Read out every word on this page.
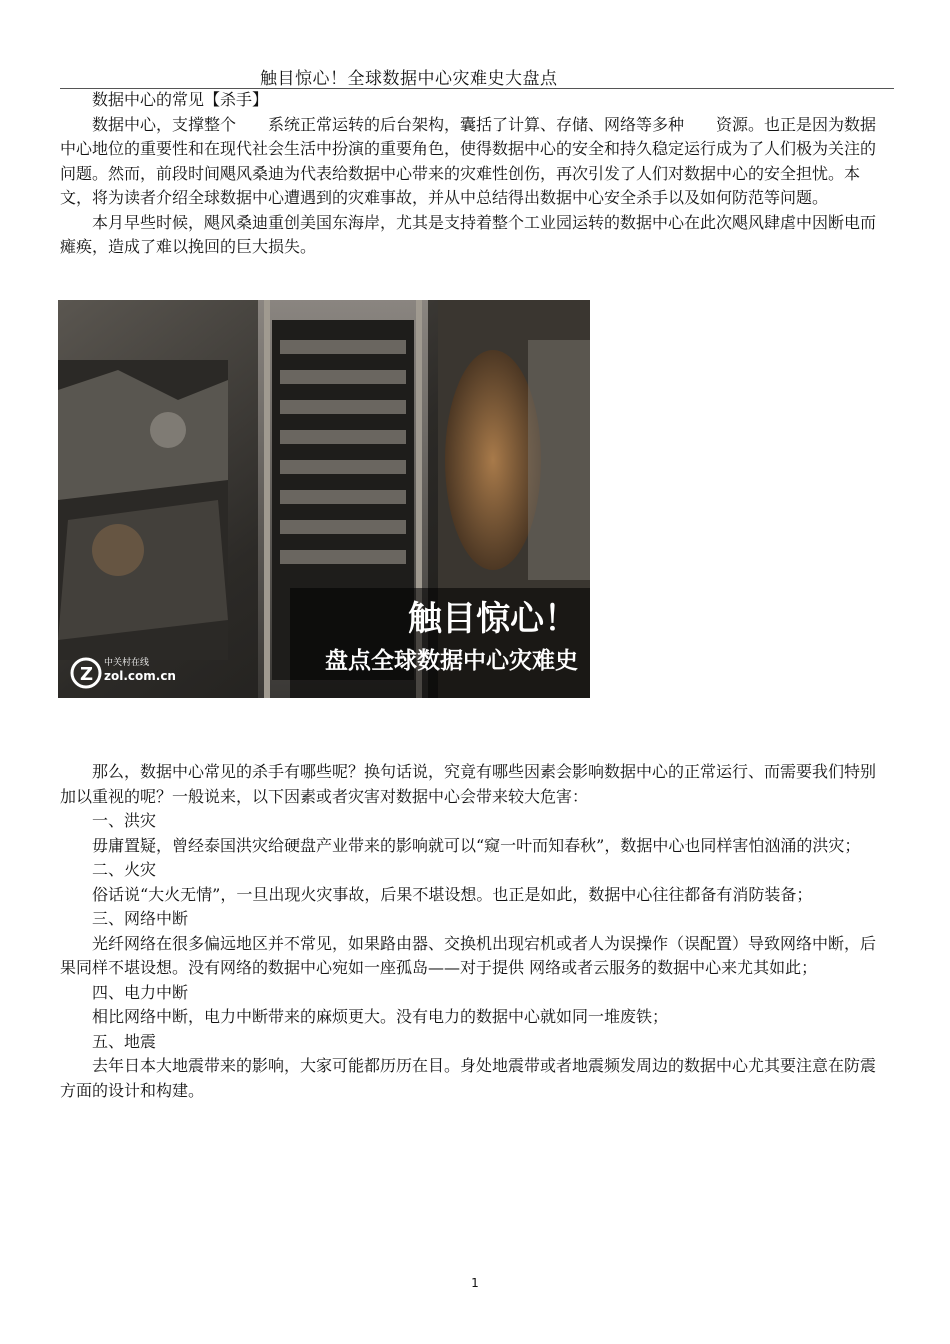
触目惊心！全球数据中心灾难史大盘点

数据中心的常见【杀手】

数据中心，支撑整个　　系统正常运转的后台架构，囊括了计算、存储、网络等多种　　资源。也正是因为数据中心地位的重要性和在现代社会生活中扮演的重要角色，使得数据中心的安全和持久稳定运行成为了人们极为关注的问题。然而，前段时间飓风桑迪为代表给数据中心带来的灾难性创伤，再次引发了人们对数据中心的安全担忧。本文，将为读者介绍全球数据中心遭遇到的灾难事故，并从中总结得出数据中心安全杀手以及如何防范等问题。

本月早些时候，飓风桑迪重创美国东海岸，尤其是支持着整个工业园运转的数据中心在此次飓风肆虐中因断电而瘫痪，造成了难以挽回的巨大损失。

触目惊心！
盘点全球数据中心灾难史
Z
中关村在线
zol.com.cn

那么，数据中心常见的杀手有哪些呢？换句话说，究竟有哪些因素会影响数据中心的正常运行、而需要我们特别加以重视的呢？一般说来，以下因素或者灾害对数据中心会带来较大危害：

一、洪灾

毋庸置疑，曾经泰国洪灾给硬盘产业带来的影响就可以“窥一叶而知春秋”，数据中心也同样害怕汹涌的洪灾；

二、火灾

俗话说“大火无情”，一旦出现火灾事故，后果不堪设想。也正是如此，数据中心往往都备有消防装备；

三、网络中断

光纤网络在很多偏远地区并不常见，如果路由器、交换机出现宕机或者人为误操作（误配置）导致网络中断，后果同样不堪设想。没有网络的数据中心宛如一座孤岛——对于提供 网络或者云服务的数据中心来尤其如此；

四、电力中断

相比网络中断，电力中断带来的麻烦更大。没有电力的数据中心就如同一堆废铁；

五、地震

去年日本大地震带来的影响，大家可能都历历在目。身处地震带或者地震频发周边的数据中心尤其要注意在防震方面的设计和构建。

1
